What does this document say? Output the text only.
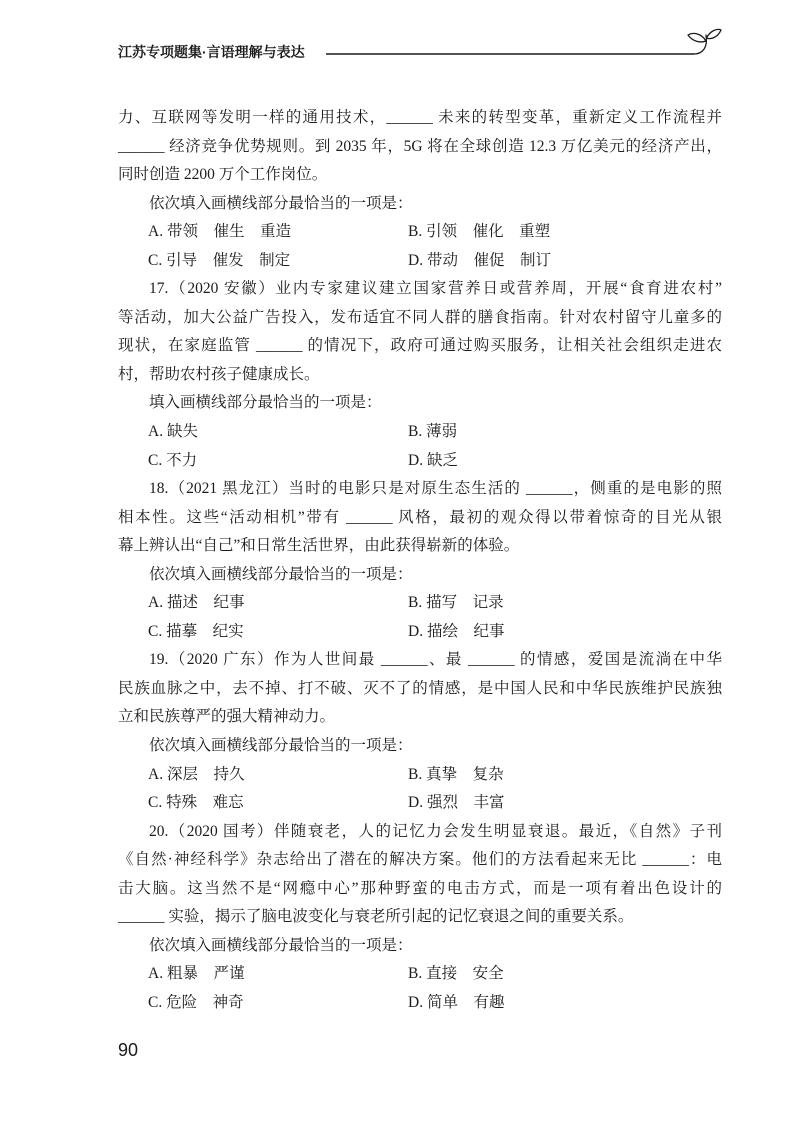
江苏专项题集·言语理解与表达
力、互联网等发明一样的通用技术，______ 未来的转型变革，重新定义工作流程并
______ 经济竞争优势规则。到 2035 年，5G 将在全球创造 12.3 万亿美元的经济产出，
同时创造 2200 万个工作岗位。
依次填入画横线部分最恰当的一项是：
A. 带领　催生　重造	B. 引领　催化　重塑
C. 引导　催发　制定	D. 带动　催促　制订
17.（2020 安徽）业内专家建议建立国家营养日或营养周，开展“食育进农村”
等活动，加大公益广告投入，发布适宜不同人群的膳食指南。针对农村留守儿童多的
现状，在家庭监管 ______ 的情况下，政府可通过购买服务，让相关社会组织走进农
村，帮助农村孩子健康成长。
填入画横线部分最恰当的一项是：
A. 缺失	B. 薄弱
C. 不力	D. 缺乏
18.（2021 黑龙江）当时的电影只是对原生态生活的 ______，侧重的是电影的照
相本性。这些“活动相机”带有 ______ 风格，最初的观众得以带着惊奇的目光从银
幕上辨认出“自己”和日常生活世界，由此获得崭新的体验。
依次填入画横线部分最恰当的一项是：
A. 描述　纪事	B. 描写　记录
C. 描摹　纪实	D. 描绘　纪事
19.（2020 广东）作为人世间最 ______、最 ______ 的情感，爱国是流淌在中华
民族血脉之中，去不掉、打不破、灭不了的情感，是中国人民和中华民族维护民族独
立和民族尊严的强大精神动力。
依次填入画横线部分最恰当的一项是：
A. 深层　持久	B. 真挚　复杂
C. 特殊　难忘	D. 强烈　丰富
20.（2020 国考）伴随衰老，人的记忆力会发生明显衰退。最近，《自然》子刊
《自然·神经科学》杂志给出了潜在的解决方案。他们的方法看起来无比 ______：电
击大脑。这当然不是“网瘾中心”那种野蛮的电击方式，而是一项有着出色设计的
______ 实验，揭示了脑电波变化与衰老所引起的记忆衰退之间的重要关系。
依次填入画横线部分最恰当的一项是：
A. 粗暴　严谨	B. 直接　安全
C. 危险　神奇	D. 简单　有趣
90
